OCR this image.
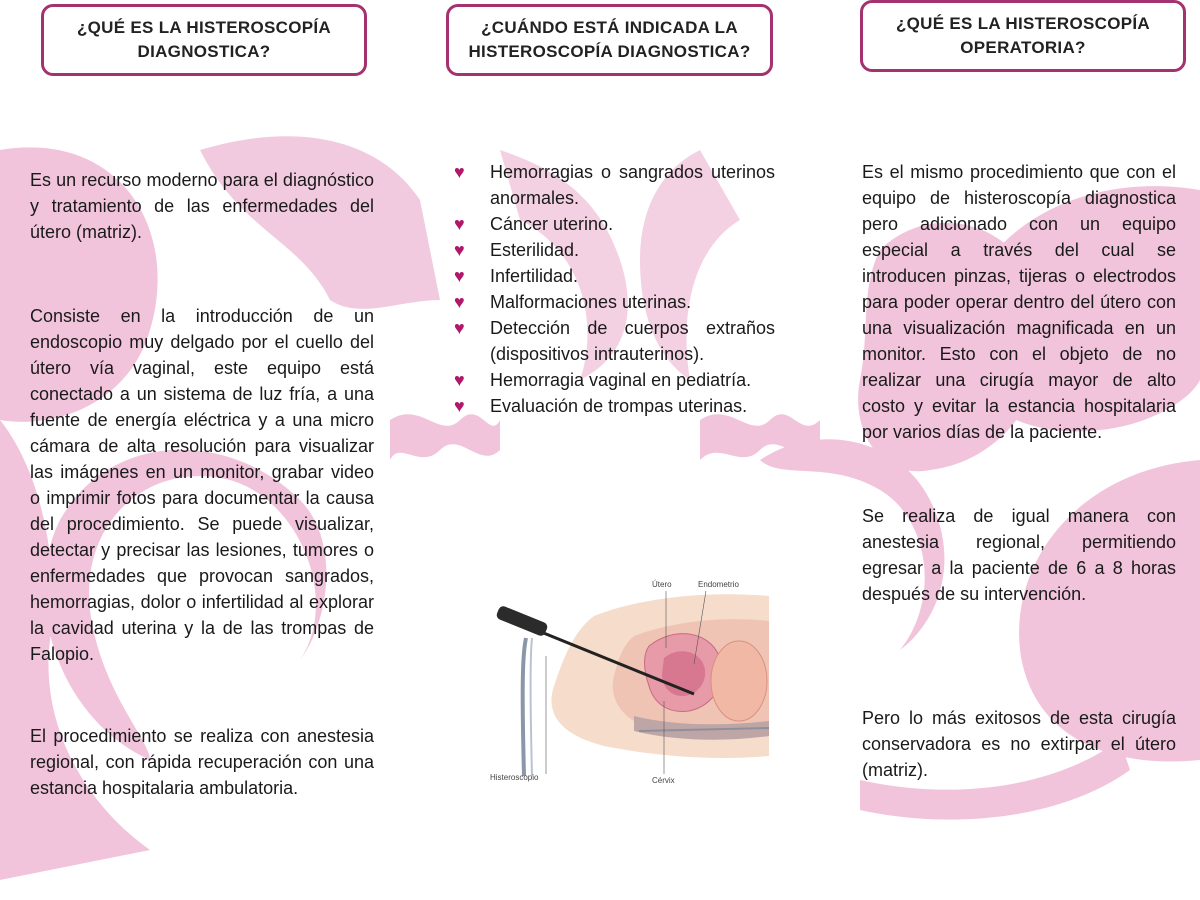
¿QUÉ ES LA HISTEROSCOPÍA DIAGNOSTICA?

Es un recurso moderno para el diagnóstico y tratamiento de las enfermedades del útero (matriz).

Consiste en la introducción de un endoscopio muy delgado por el cuello del útero vía vaginal, este equipo está conectado a un sistema de luz fría, a una fuente de energía eléctrica y a una micro cámara de alta resolución para visualizar las imágenes en un monitor, grabar video o imprimir fotos para documentar la causa del procedimiento. Se puede visualizar, detectar y precisar las lesiones, tumores o enfermedades que provocan sangrados, hemorragias, dolor o infertilidad al explorar la cavidad uterina y la de las trompas de Falopio.

El procedimiento se realiza con anestesia regional, con rápida recuperación con una estancia hospitalaria ambulatoria.

¿CUÁNDO ESTÁ INDICADA LA HISTEROSCOPÍA DIAGNOSTICA?
♥ Hemorragias o sangrados uterinos anormales.
♥ Cáncer uterino.
♥ Esterilidad.
♥ Infertilidad.
♥ Malformaciones uterinas.
♥ Detección de cuerpos extraños (dispositivos intrauterinos).
♥ Hemorragia vaginal en pediatría.
♥ Evaluación de trompas uterinas.
Útero	Endometrio
Histeroscopio	Cérvix
¿QUÉ ES LA HISTEROSCOPÍA OPERATORIA?

Es el mismo procedimiento que con el equipo de histeroscopía diagnostica pero adicionado con un equipo especial a través del cual se introducen pinzas, tijeras o electrodos para poder operar dentro del útero con una visualización magnificada en un monitor. Esto con el objeto de no realizar una cirugía mayor de alto costo y evitar la estancia hospitalaria por varios días de la paciente.

Se realiza de igual manera con anestesia regional, permitiendo egresar a la paciente de 6 a 8 horas después de su intervención.

Pero lo más exitosos de esta cirugía conservadora es no extirpar el útero (matriz).
